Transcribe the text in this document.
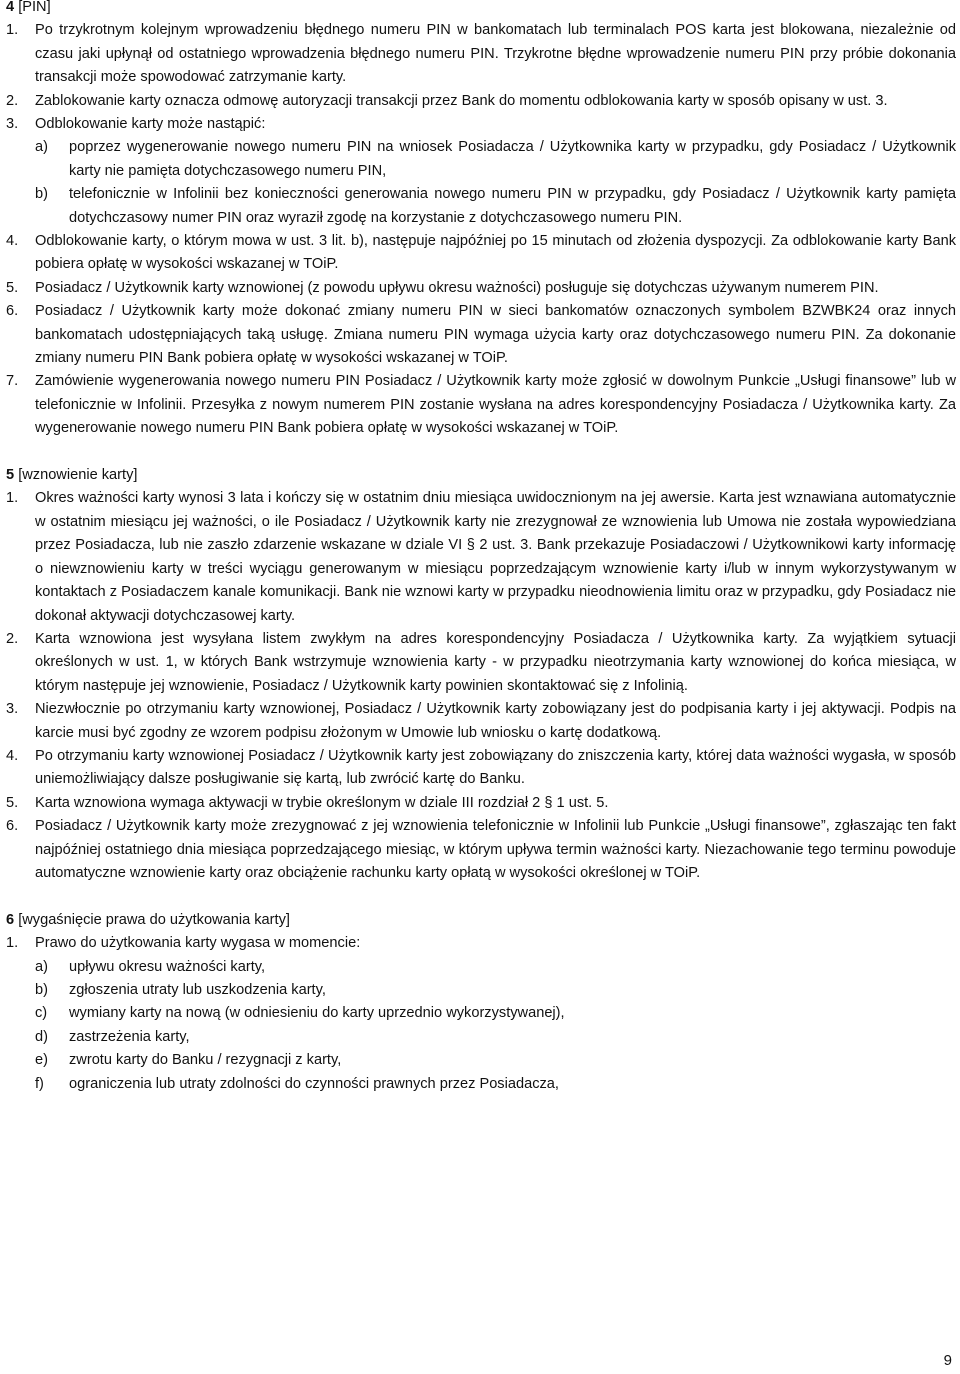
4 [PIN]
1.	Po trzykrotnym kolejnym wprowadzeniu błędnego numeru PIN w bankomatach lub terminalach POS karta jest blokowana, niezależnie od czasu jaki upłynął od ostatniego wprowadzenia błędnego numeru PIN. Trzykrotne błędne wprowadzenie numeru PIN przy próbie dokonania transakcji może spowodować zatrzymanie karty.
2.	Zablokowanie karty oznacza odmowę autoryzacji transakcji przez Bank do momentu odblokowania karty w sposób opisany w ust. 3.
3.	Odblokowanie karty może nastąpić:
a)	poprzez wygenerowanie nowego numeru PIN na wniosek Posiadacza / Użytkownika karty w przypadku, gdy Posiadacz / Użytkownik karty nie pamięta dotychczasowego numeru PIN,
b)	telefonicznie w Infolinii bez konieczności generowania nowego numeru PIN w przypadku, gdy Posiadacz / Użytkownik karty pamięta dotychczasowy numer PIN oraz wyraził zgodę na korzystanie z dotychczasowego numeru PIN.
4.	Odblokowanie karty, o którym mowa w ust. 3 lit. b), następuje najpóźniej po 15 minutach od złożenia dyspozycji. Za odblokowanie karty Bank pobiera opłatę w wysokości wskazanej w TOiP.
5.	Posiadacz / Użytkownik karty wznowionej (z powodu upływu okresu ważności) posługuje się dotychczas używanym numerem PIN.
6.	Posiadacz / Użytkownik karty może dokonać zmiany numeru PIN w sieci bankomatów oznaczonych symbolem BZWBK24 oraz innych bankomatach udostępniających taką usługę. Zmiana numeru PIN wymaga użycia karty oraz dotychczasowego numeru PIN. Za dokonanie zmiany numeru PIN Bank pobiera opłatę w wysokości wskazanej w TOiP.
7.	Zamówienie wygenerowania nowego numeru PIN Posiadacz / Użytkownik karty może zgłosić w dowolnym Punkcie „Usługi finansowe” lub w telefonicznie w Infolinii. Przesyłka z nowym numerem PIN zostanie wysłana na adres korespondencyjny Posiadacza / Użytkownika karty. Za wygenerowanie nowego numeru PIN Bank pobiera opłatę w wysokości wskazanej w TOiP.
5 [wznowienie karty]
1.	Okres ważności karty wynosi 3 lata i kończy się w ostatnim dniu miesiąca uwidocznionym na jej awersie. Karta jest wznawiana automatycznie w ostatnim miesiącu jej ważności, o ile Posiadacz / Użytkownik karty nie zrezygnował ze wznowienia lub Umowa nie została wypowiedziana przez Posiadacza, lub nie zaszło zdarzenie wskazane w dziale VI § 2 ust. 3. Bank przekazuje Posiadaczowi / Użytkownikowi karty informację o niewznowieniu karty w treści wyciągu generowanym w miesiącu poprzedzającym wznowienie karty i/lub w innym wykorzystywanym w kontaktach z Posiadaczem kanale komunikacji. Bank nie wznowi karty w przypadku nieodnowienia limitu oraz w przypadku, gdy Posiadacz nie dokonał aktywacji dotychczasowej karty.
2.	Karta wznowiona jest wysyłana listem zwykłym na adres korespondencyjny Posiadacza / Użytkownika karty. Za wyjątkiem sytuacji określonych w ust. 1, w których Bank wstrzymuje wznowienia karty - w przypadku nieotrzymania karty wznowionej do końca miesiąca, w którym następuje jej wznowienie, Posiadacz / Użytkownik karty powinien skontaktować się z Infolinią.
3.	Niezwłocznie po otrzymaniu karty wznowionej, Posiadacz / Użytkownik karty zobowiązany jest do podpisania karty i jej aktywacji. Podpis na karcie musi być zgodny ze wzorem podpisu złożonym w Umowie lub wniosku o kartę dodatkową.
4.	Po otrzymaniu karty wznowionej Posiadacz / Użytkownik karty jest zobowiązany do zniszczenia karty, której data ważności wygasła, w sposób uniemożliwiający dalsze posługiwanie się kartą, lub zwrócić kartę do Banku.
5.	Karta wznowiona wymaga aktywacji w trybie określonym w dziale III rozdział 2 § 1 ust. 5.
6.	Posiadacz / Użytkownik karty może zrezygnować z jej wznowienia telefonicznie w Infolinii lub Punkcie „Usługi finansowe”, zgłaszając ten fakt najpóźniej ostatniego dnia miesiąca poprzedzającego miesiąc, w którym upływa termin ważności karty. Niezachowanie tego terminu powoduje automatyczne wznowienie karty oraz obciążenie rachunku karty opłatą w wysokości określonej w TOiP.
6 [wygaśnięcie prawa do użytkowania karty]
1.	Prawo do użytkowania karty wygasa w momencie:
a)	upływu okresu ważności karty,
b)	zgłoszenia utraty lub uszkodzenia karty,
c)	wymiany karty na nową (w odniesieniu do karty uprzednio wykorzystywanej),
d)	zastrzeżenia karty,
e)	zwrotu karty do Banku / rezygnacji z karty,
f)	ograniczenia lub utraty zdolności do czynności prawnych przez Posiadacza,
9
